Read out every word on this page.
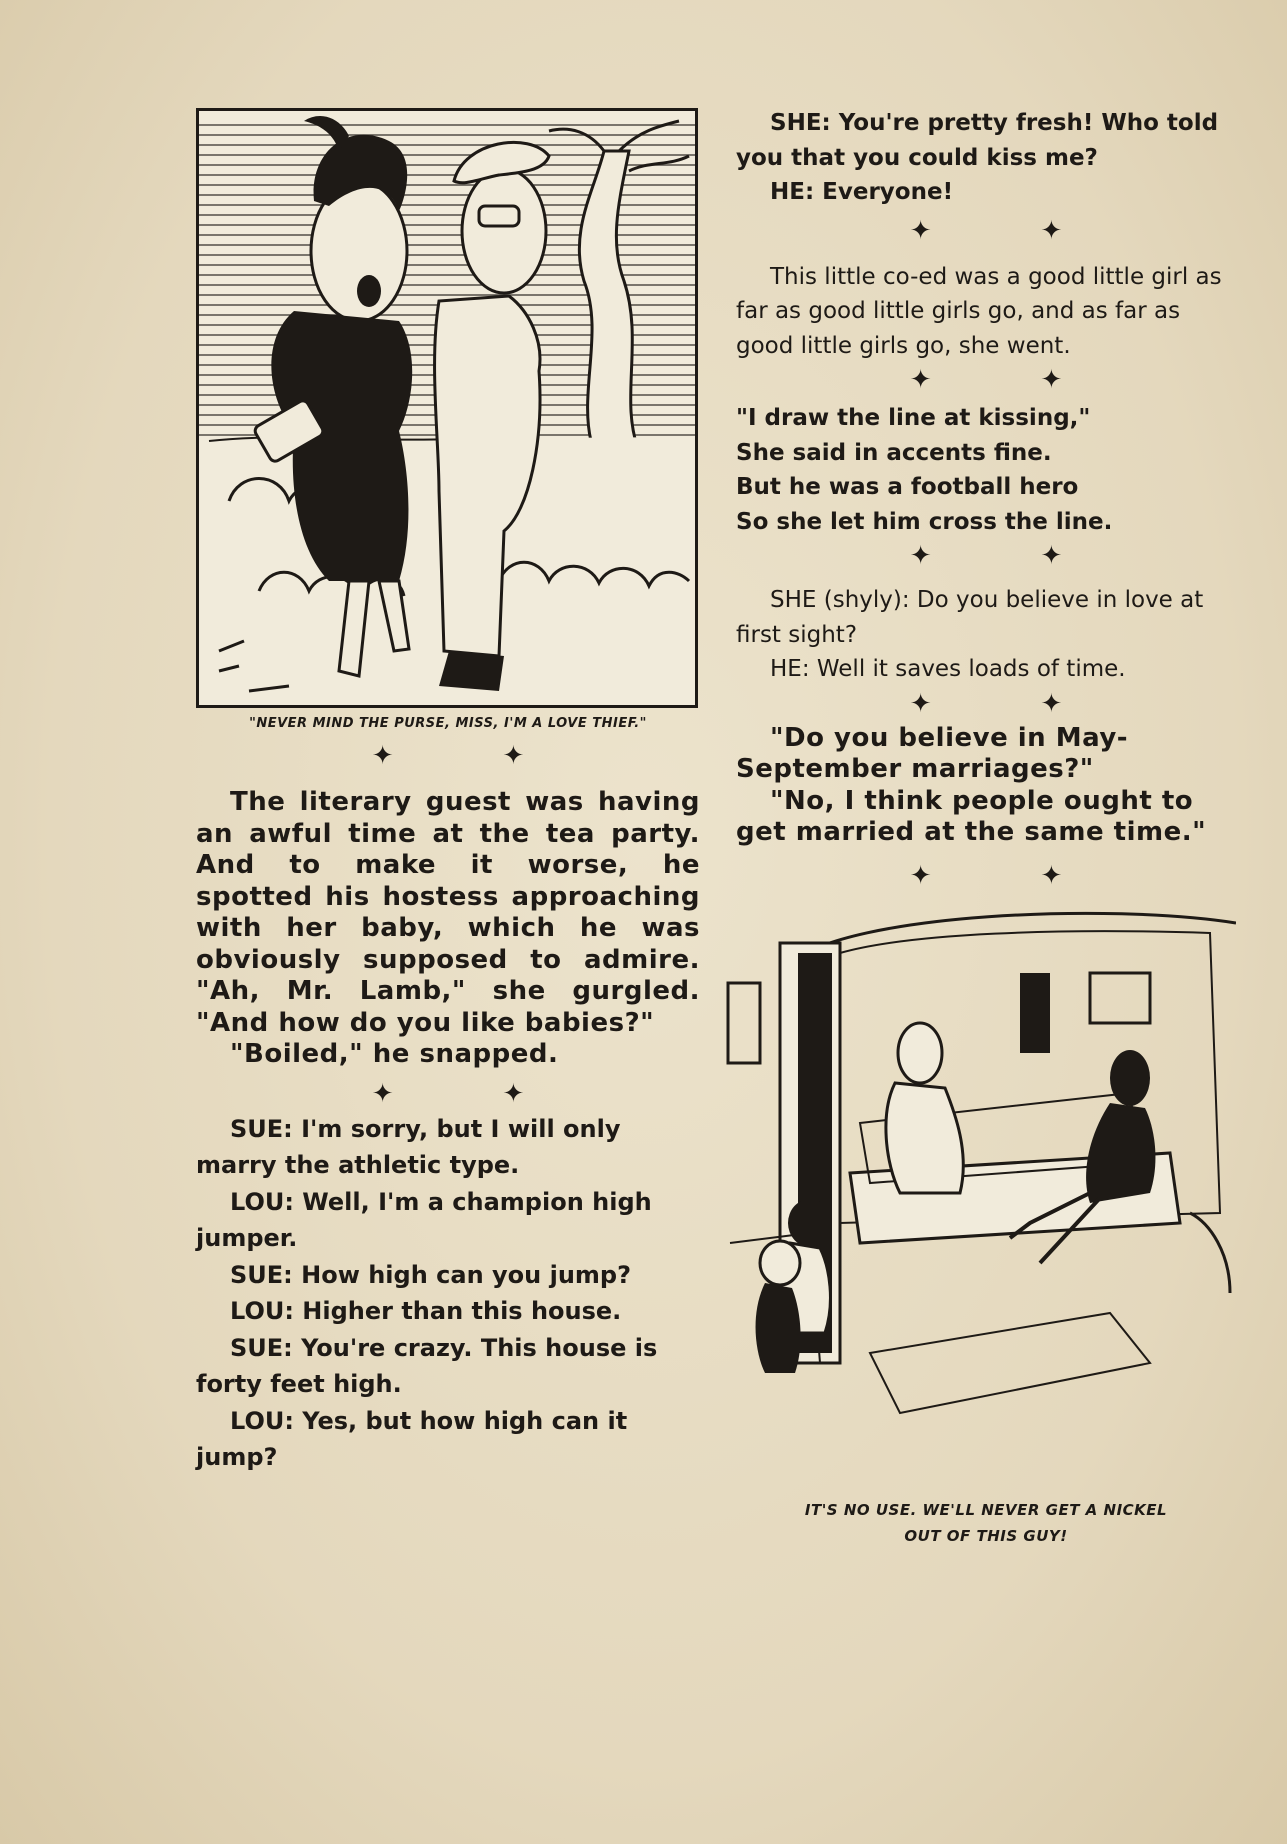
"NEVER MIND THE PURSE, MISS, I'M A LOVE THIEF."
✦ ✦

The literary guest was having an awful time at the tea party. And to make it worse, he spotted his hostess approaching with her baby, which he was obviously supposed to admire. "Ah, Mr. Lamb," she gurgled. "And how do you like babies?"

"Boiled," he snapped.

✦ ✦

SUE: I'm sorry, but I will only marry the athletic type.

LOU: Well, I'm a champion high jumper.

SUE: How high can you jump?

LOU: Higher than this house.

SUE: You're crazy. This house is forty feet high.

LOU: Yes, but how high can it jump?

SHE: You're pretty fresh! Who told you that you could kiss me?

HE: Everyone!

✦ ✦

This little co-ed was a good little girl as far as good little girls go, and as far as good little girls go, she went.

✦ ✦

"I draw the line at kissing,"

She said in accents fine.

But he was a football hero

So she let him cross the line.

✦ ✦

SHE (shyly): Do you believe in love at first sight?

HE: Well it saves loads of time.

✦ ✦

"Do you believe in May-September marriages?"

"No, I think people ought to get married at the same time."

✦ ✦
IT'S NO USE. WE'LL NEVER GET A NICKEL
OUT OF THIS GUY!
